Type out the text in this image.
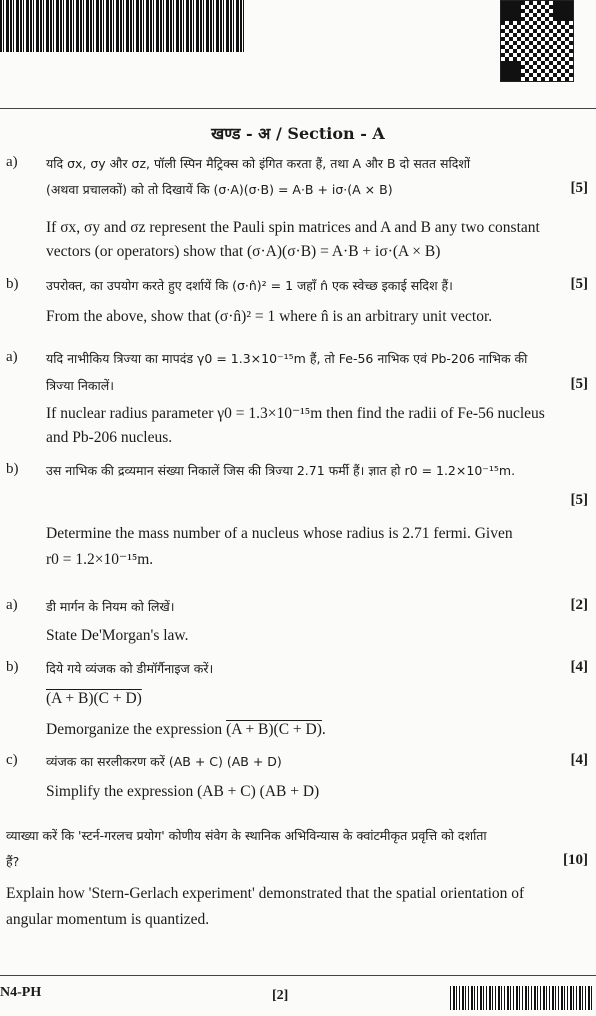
खण्ड - अ / Section - A
a) यदि σx, σy और σz, पॉली स्पिन मैट्रिक्स को इंगित करता हैं, तथा A और B दो सतत सदिशों
(अथवा प्रचालकों) को तो दिखायें कि (σ·A)(σ·B) = A·B + iσ·(A × B)	[5]
If σx, σy and σz represent the Pauli spin matrices and A and B any two constant
vectors (or operators) show that (σ·A)(σ·B) = A·B + iσ·(A × B)
b) उपरोक्त, का उपयोग करते हुए दर्शायें कि (σ·n̂)² = 1 जहाँ n̂ एक स्वेच्छ इकाई सदिश हैं।	[5]
From the above, show that (σ·n̂)² = 1 where n̂ is an arbitrary unit vector.
a) यदि नाभीकिय त्रिज्या का मापदंड γ0 = 1.3×10⁻¹⁵m हैं, तो Fe-56 नाभिक एवं Pb-206 नाभिक की
त्रिज्या निकालें।	[5]
If nuclear radius parameter γ0 = 1.3×10⁻¹⁵m then find the radii of Fe-56 nucleus
and Pb-206 nucleus.
b) उस नाभिक की द्रव्यमान संख्या निकालें जिस की त्रिज्या 2.71 फर्मी हैं। ज्ञात हो r0 = 1.2×10⁻¹⁵m.
[5]
Determine the mass number of a nucleus whose radius is 2.71 fermi. Given
r0 = 1.2×10⁻¹⁵m.
a) डी मार्गन के नियम को लिखें।	[2]
State De'Morgan's law.
b) दिये गये व्यंजक को डीमॉर्गैनाइज करें।	[4]
(A + B)(C + D)
Demorganize the expression (A + B)(C + D).
c) व्यंजक का सरलीकरण करें (AB + C) (AB + D)	[4]
Simplify the expression (AB + C) (AB + D)
व्याख्या करें कि 'स्टर्न-गरलच प्रयोग' कोणीय संवेग के स्थानिक अभिविन्यास के क्वांटमीकृत प्रवृत्ति को दर्शाता
हैं?	[10]
Explain how 'Stern-Gerlach experiment' demonstrated that the spatial orientation of
angular momentum is quantized.
N4-PH	[2]
